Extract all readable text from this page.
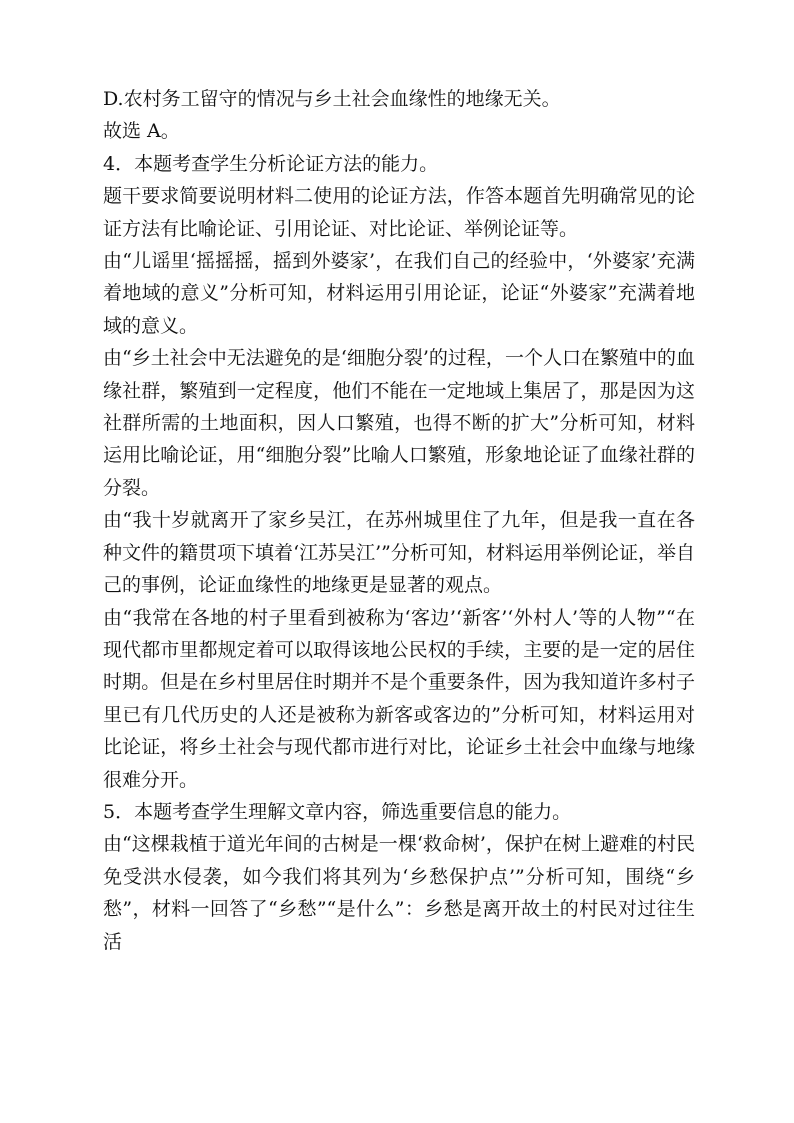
D.农村务工留守的情况与乡土社会血缘性的地缘无关。

故选 A。

4．本题考查学生分析论证方法的能力。

题干要求简要说明材料二使用的论证方法，作答本题首先明确常见的论证方法有比喻论证、引用论证、对比论证、举例论证等。

由“儿谣里‘摇摇摇，摇到外婆家’，在我们自己的经验中，‘外婆家’充满着地域的意义”分析可知，材料运用引用论证，论证“外婆家”充满着地域的意义。

由“乡土社会中无法避免的是‘细胞分裂’的过程，一个人口在繁殖中的血缘社群，繁殖到一定程度，他们不能在一定地域上集居了，那是因为这社群所需的土地面积，因人口繁殖，也得不断的扩大”分析可知，材料运用比喻论证，用“细胞分裂”比喻人口繁殖，形象地论证了血缘社群的分裂。

由“我十岁就离开了家乡吴江，在苏州城里住了九年，但是我一直在各种文件的籍贯项下填着‘江苏吴江’”分析可知，材料运用举例论证，举自己的事例，论证血缘性的地缘更是显著的观点。

由“我常在各地的村子里看到被称为‘客边’‘新客’‘外村人’等的人物”“在现代都市里都规定着可以取得该地公民权的手续，主要的是一定的居住时期。但是在乡村里居住时期并不是个重要条件，因为我知道许多村子里已有几代历史的人还是被称为新客或客边的”分析可知，材料运用对比论证，将乡土社会与现代都市进行对比，论证乡土社会中血缘与地缘很难分开。

5．本题考查学生理解文章内容，筛选重要信息的能力。

由“这棵栽植于道光年间的古树是一棵‘救命树’，保护在树上避难的村民免受洪水侵袭，如今我们将其列为‘乡愁保护点’”分析可知，围绕“乡愁”，材料一回答了“乡愁”“是什么”：乡愁是离开故土的村民对过往生活
